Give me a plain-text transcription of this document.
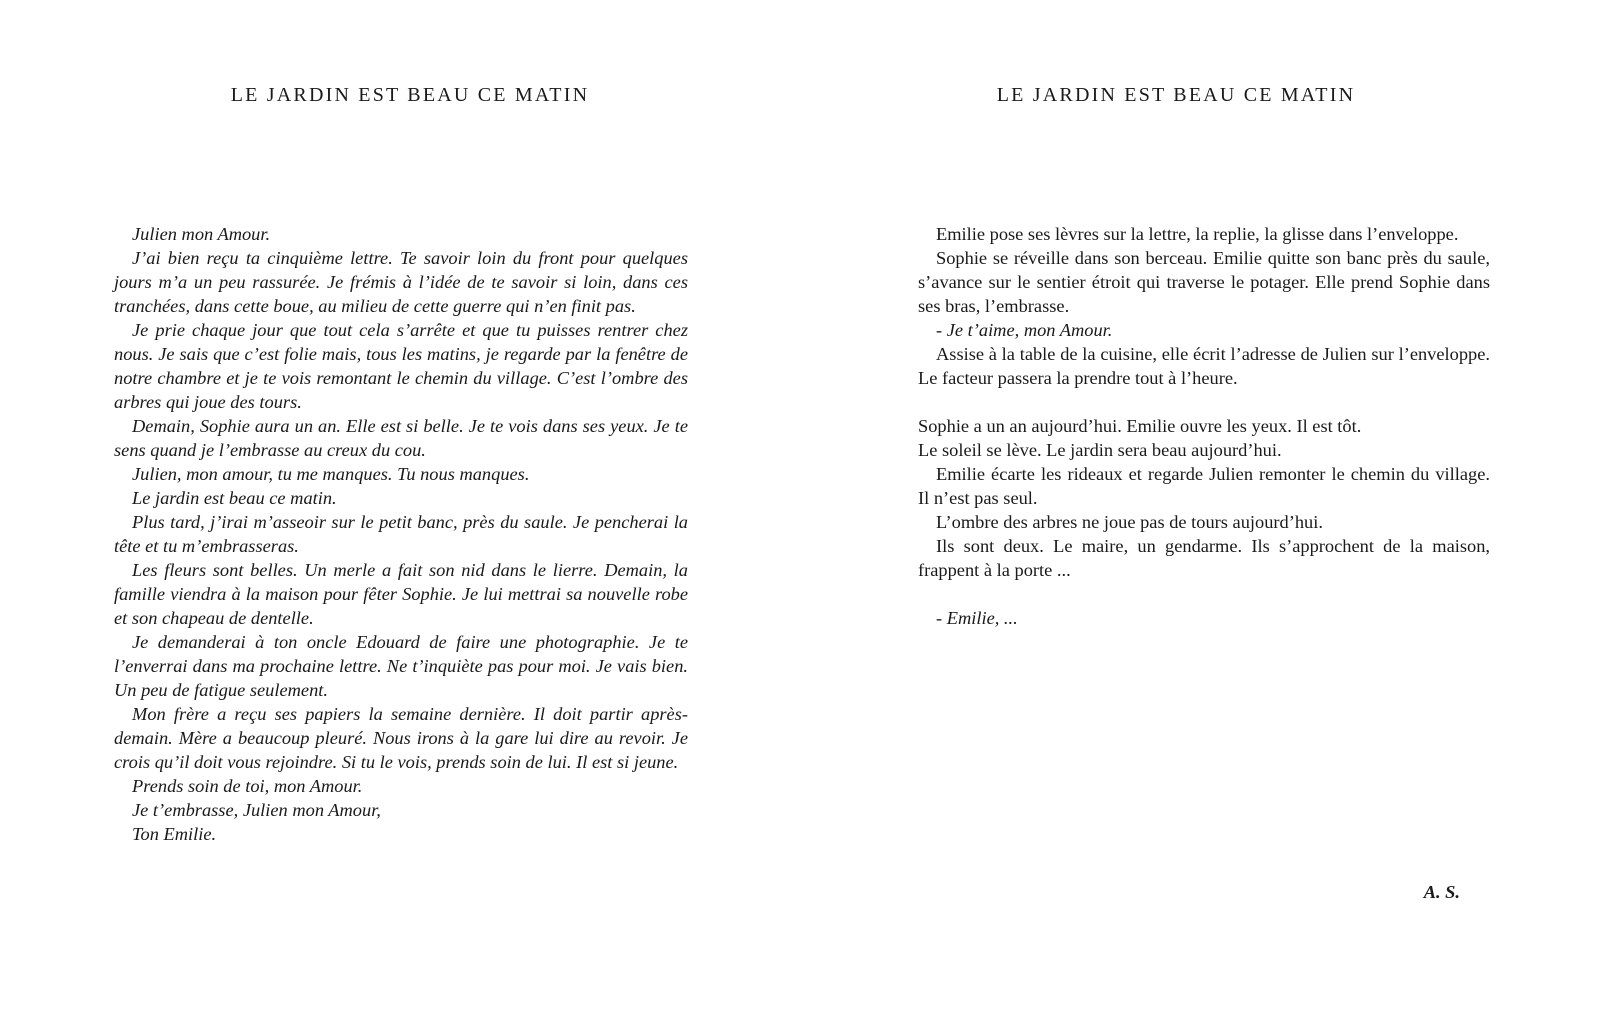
LE JARDIN EST BEAU CE MATIN

Julien mon Amour.

J’ai bien reçu ta cinquième lettre. Te savoir loin du front pour quelques jours m’a un peu rassurée. Je frémis à l’idée de te savoir si loin, dans ces tranchées, dans cette boue, au milieu de cette guerre qui n’en finit pas.

Je prie chaque jour que tout cela s’arrête et que tu puisses rentrer chez nous. Je sais que c’est folie mais, tous les matins, je regarde par la fenêtre de notre chambre et je te vois remontant le chemin du village. C’est l’ombre des arbres qui joue des tours.

Demain, Sophie aura un an. Elle est si belle. Je te vois dans ses yeux. Je te sens quand je l’embrasse au creux du cou.

Julien, mon amour, tu me manques. Tu nous manques.

Le jardin est beau ce matin.

Plus tard, j’irai m’asseoir sur le petit banc, près du saule. Je pencherai la tête et tu m’embrasseras.

Les fleurs sont belles. Un merle a fait son nid dans le lierre. Demain, la famille viendra à la maison pour fêter Sophie. Je lui mettrai sa nouvelle robe et son chapeau de dentelle.

Je demanderai à ton oncle Edouard de faire une photographie. Je te l’enverrai dans ma prochaine lettre. Ne t’inquiète pas pour moi. Je vais bien. Un peu de fatigue seulement.

Mon frère a reçu ses papiers la semaine dernière. Il doit partir après-demain. Mère a beaucoup pleuré. Nous irons à la gare lui dire au revoir. Je crois qu’il doit vous rejoindre. Si tu le vois, prends soin de lui. Il est si jeune.

Prends soin de toi, mon Amour.

Je t’embrasse, Julien mon Amour,

Ton Emilie.

LE JARDIN EST BEAU CE MATIN

Emilie pose ses lèvres sur la lettre, la replie, la glisse dans l’enveloppe.

Sophie se réveille dans son berceau. Emilie quitte son banc près du saule, s’avance sur le sentier étroit qui traverse le potager. Elle prend Sophie dans ses bras, l’embrasse.

- Je t’aime, mon Amour.

Assise à la table de la cuisine, elle écrit l’adresse de Julien sur l’enveloppe. Le facteur passera la prendre tout à l’heure.

Sophie a un an aujourd’hui. Emilie ouvre les yeux. Il est tôt.

Le soleil se lève. Le jardin sera beau aujourd’hui.

Emilie écarte les rideaux et regarde Julien remonter le chemin du village. Il n’est pas seul.

L’ombre des arbres ne joue pas de tours aujourd’hui.

Ils sont deux. Le maire, un gendarme. Ils s’approchent de la maison, frappent à la porte ...

- Emilie, ...

A. S.
